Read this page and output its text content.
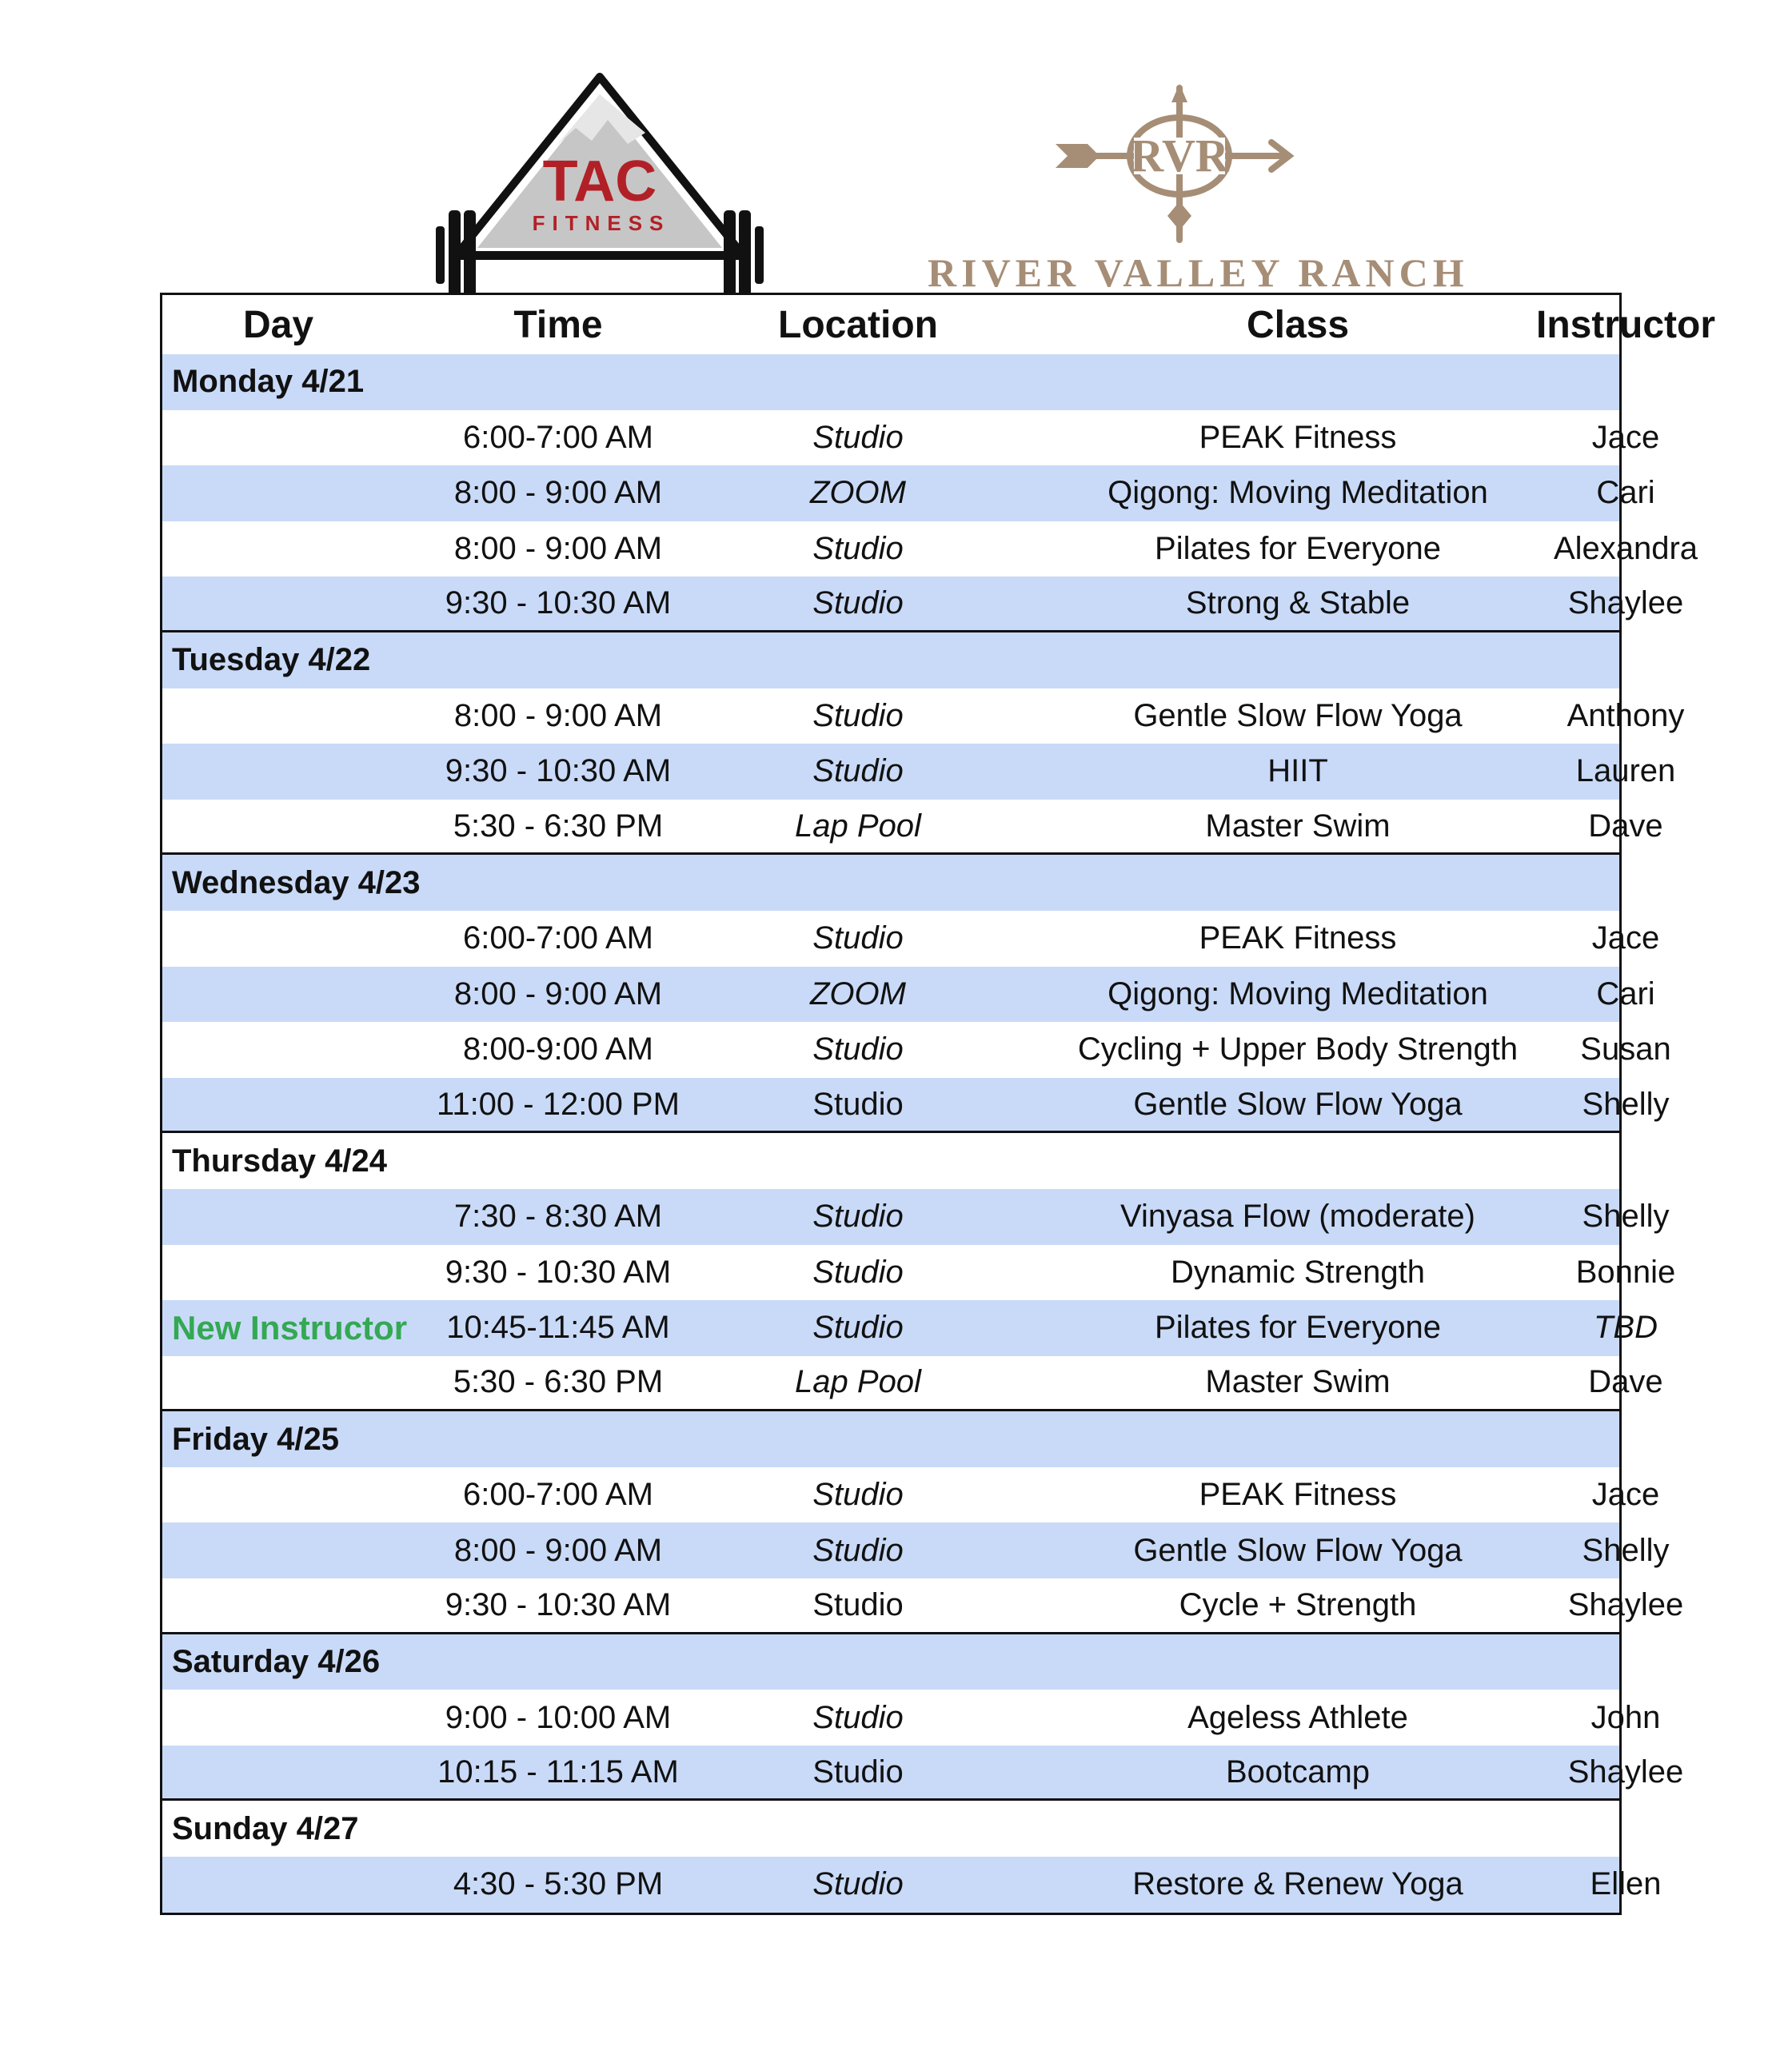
TAC
FITNESS
RVR
RIVER VALLEY RANCH
Day	Time	Location	Class	Instructor
Monday 4/21
6:00-7:00 AM	Studio	PEAK Fitness	Jace
8:00 - 9:00 AM	ZOOM	Qigong: Moving Meditation	Cari
8:00 - 9:00 AM	Studio	Pilates for Everyone	Alexandra
9:30 - 10:30 AM	Studio	Strong & Stable	Shaylee
Tuesday 4/22
8:00 - 9:00 AM	Studio	Gentle Slow Flow Yoga	Anthony
9:30 - 10:30 AM	Studio	HIIT	Lauren
5:30 - 6:30 PM	Lap Pool	Master Swim	Dave
Wednesday 4/23
6:00-7:00 AM	Studio	PEAK Fitness	Jace
8:00 - 9:00 AM	ZOOM	Qigong: Moving Meditation	Cari
8:00-9:00 AM	Studio	Cycling + Upper Body Strength	Susan
11:00 - 12:00 PM	Studio	Gentle Slow Flow Yoga	Shelly
Thursday 4/24
7:30 - 8:30 AM	Studio	Vinyasa Flow (moderate)	Shelly
9:30 - 10:30 AM	Studio	Dynamic Strength	Bonnie
New Instructor	10:45-11:45 AM	Studio	Pilates for Everyone	TBD
5:30 - 6:30 PM	Lap Pool	Master Swim	Dave
Friday 4/25
6:00-7:00 AM	Studio	PEAK Fitness	Jace
8:00 - 9:00 AM	Studio	Gentle Slow Flow Yoga	Shelly
9:30 - 10:30 AM	Studio	Cycle + Strength	Shaylee
Saturday 4/26
9:00 - 10:00 AM	Studio	Ageless Athlete	John
10:15 - 11:15 AM	Studio	Bootcamp	Shaylee
Sunday 4/27
4:30 - 5:30 PM	Studio	Restore & Renew Yoga	Ellen
